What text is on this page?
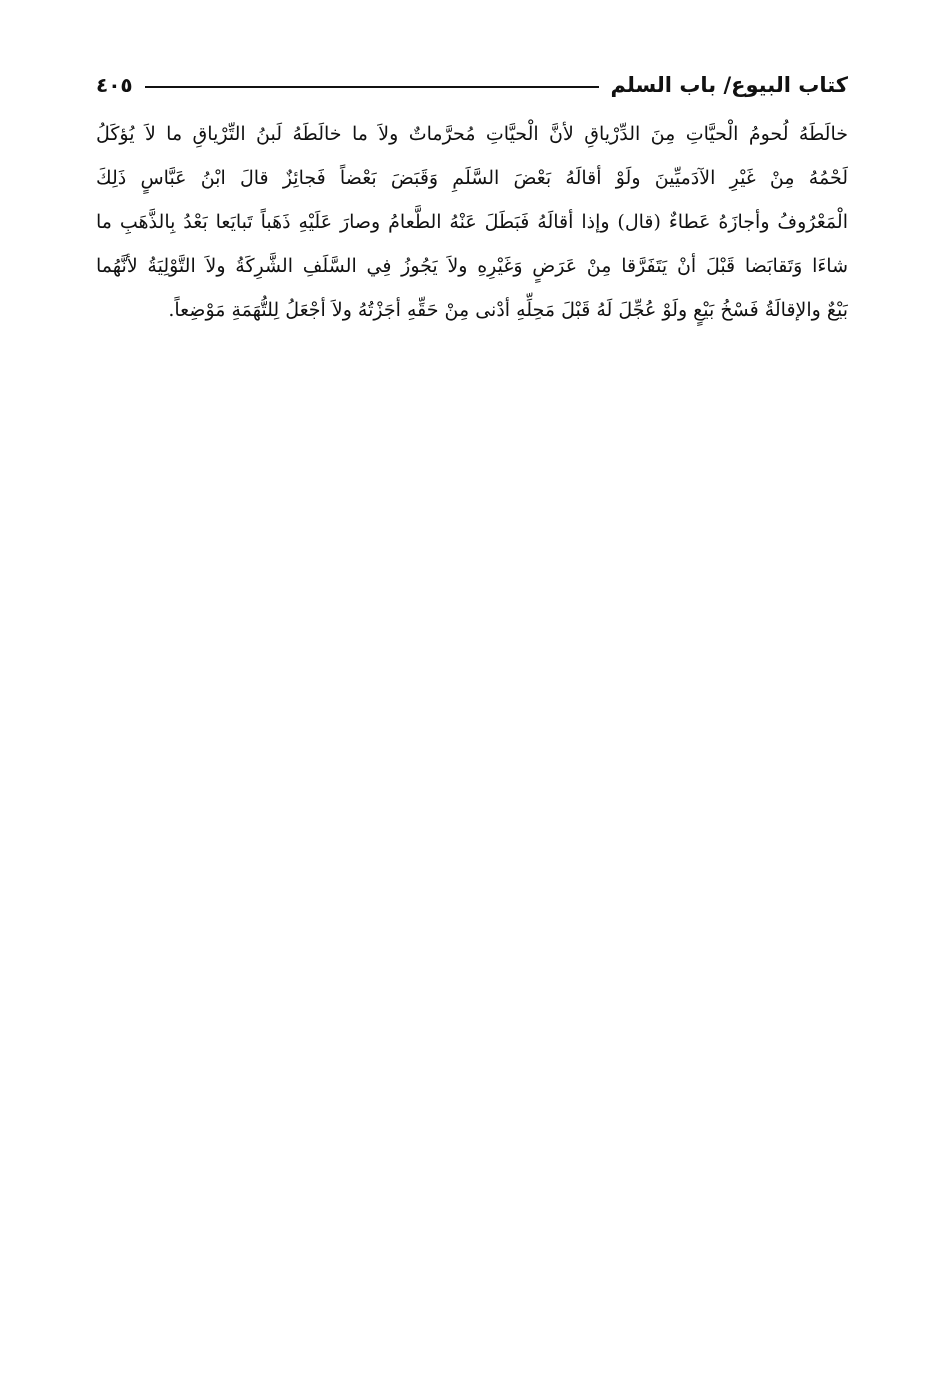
كتاب البيوع/ باب السلم
٤٠٥
خالَطَهُ لُحومُ الْحيَّاتِ مِنَ الدِّرْياقِ لأنَّ الْحيَّاتِ مُحرَّماتٌ ولاَ ما خالَطَهُ لَبنُ التِّرْياقِ ما لاَ يُؤكَلُ
لَحْمُهُ مِنْ غَيْرِ الآدَميِّينَ ولَوْ أقالَهُ بَعْضَ السَّلَمِ وَقَبَضَ بَعْضاً فَجائِزٌ قالَ ابْنُ عَبَّاسٍ ذَلِكَ
الْمَعْرُوفُ وأجازَهُ عَطاءٌ (قال) وإذا أقالَهُ فَبَطَلَ عَنْهُ الطَّعامُ وصارَ عَلَيْهِ ذَهَباً تَبايَعا بَعْدُ بِالذَّهَبِ ما
شاءَا وَتَقابَضا قَبْلَ أنْ يَتَفَرَّقا مِنْ عَرَضٍ وَغَيْرِهِ ولاَ يَجُوزُ فِي السَّلَفِ الشَّرِكَةُ ولاَ التَّوْلِيَةُ لأنَّهُما
بَيْعٌ والإقالَةُ فَسْخُ بَيْعٍ ولَوْ عُجِّلَ لَهُ قَبْلَ مَحِلِّهِ أدْنى مِنْ حَقِّهِ أجَزْتُهُ ولاَ أجْعَلُ لِلتُّهَمَةِ مَوْضِعاً.
